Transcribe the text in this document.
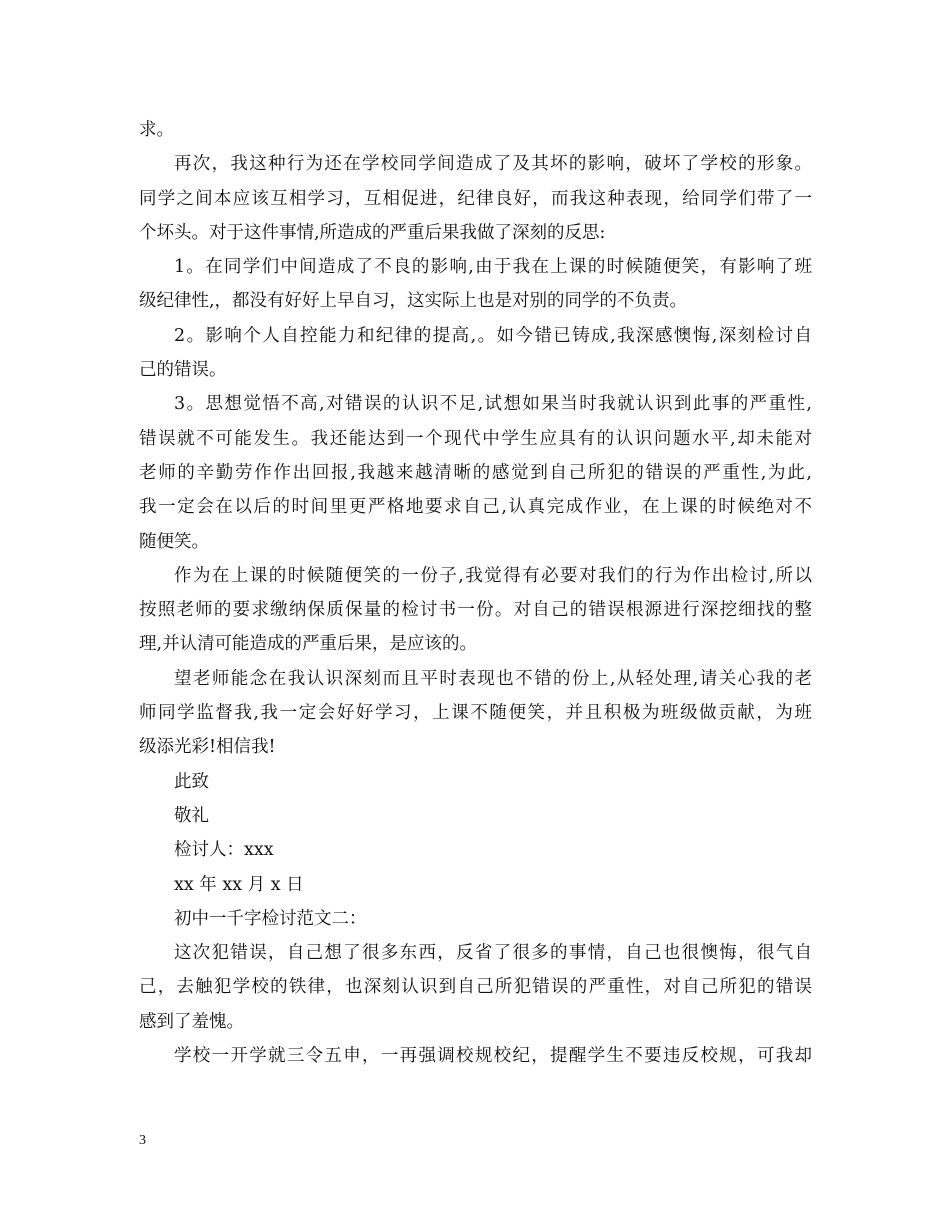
求。
再次，我这种行为还在学校同学间造成了及其坏的影响，破坏了学校的形象。
同学之间本应该互相学习，互相促进，纪律良好，而我这种表现，给同学们带了一
个坏头。对于这件事情,所造成的严重后果我做了深刻的反思:
1。在同学们中间造成了不良的影响,由于我在上课的时候随便笑，有影响了班
级纪律性,，都没有好好上早自习，这实际上也是对别的同学的不负责。
2。影响个人自控能力和纪律的提高,。如今错已铸成,我深感懊悔,深刻检讨自
己的错误。
3。思想觉悟不高,对错误的认识不足,试想如果当时我就认识到此事的严重性,
错误就不可能发生。我还能达到一个现代中学生应具有的认识问题水平,却未能对
老师的辛勤劳作作出回报,我越来越清晰的感觉到自己所犯的错误的严重性,为此,
我一定会在以后的时间里更严格地要求自己,认真完成作业，在上课的时候绝对不
随便笑。
作为在上课的时候随便笑的一份子,我觉得有必要对我们的行为作出检讨,所以
按照老师的要求缴纳保质保量的检讨书一份。对自己的错误根源进行深挖细找的整
理,并认清可能造成的严重后果，是应该的。
望老师能念在我认识深刻而且平时表现也不错的份上,从轻处理,请关心我的老
师同学监督我,我一定会好好学习，上课不随便笑，并且积极为班级做贡献，为班
级添光彩!相信我!
此致
敬礼
检讨人：xxx
xx 年 xx 月 x 日
初中一千字检讨范文二：
这次犯错误，自己想了很多东西，反省了很多的事情，自己也很懊悔，很气自
己，去触犯学校的铁律，也深刻认识到自己所犯错误的严重性，对自己所犯的错误
感到了羞愧。
学校一开学就三令五申，一再强调校规校纪，提醒学生不要违反校规，可我却
3
